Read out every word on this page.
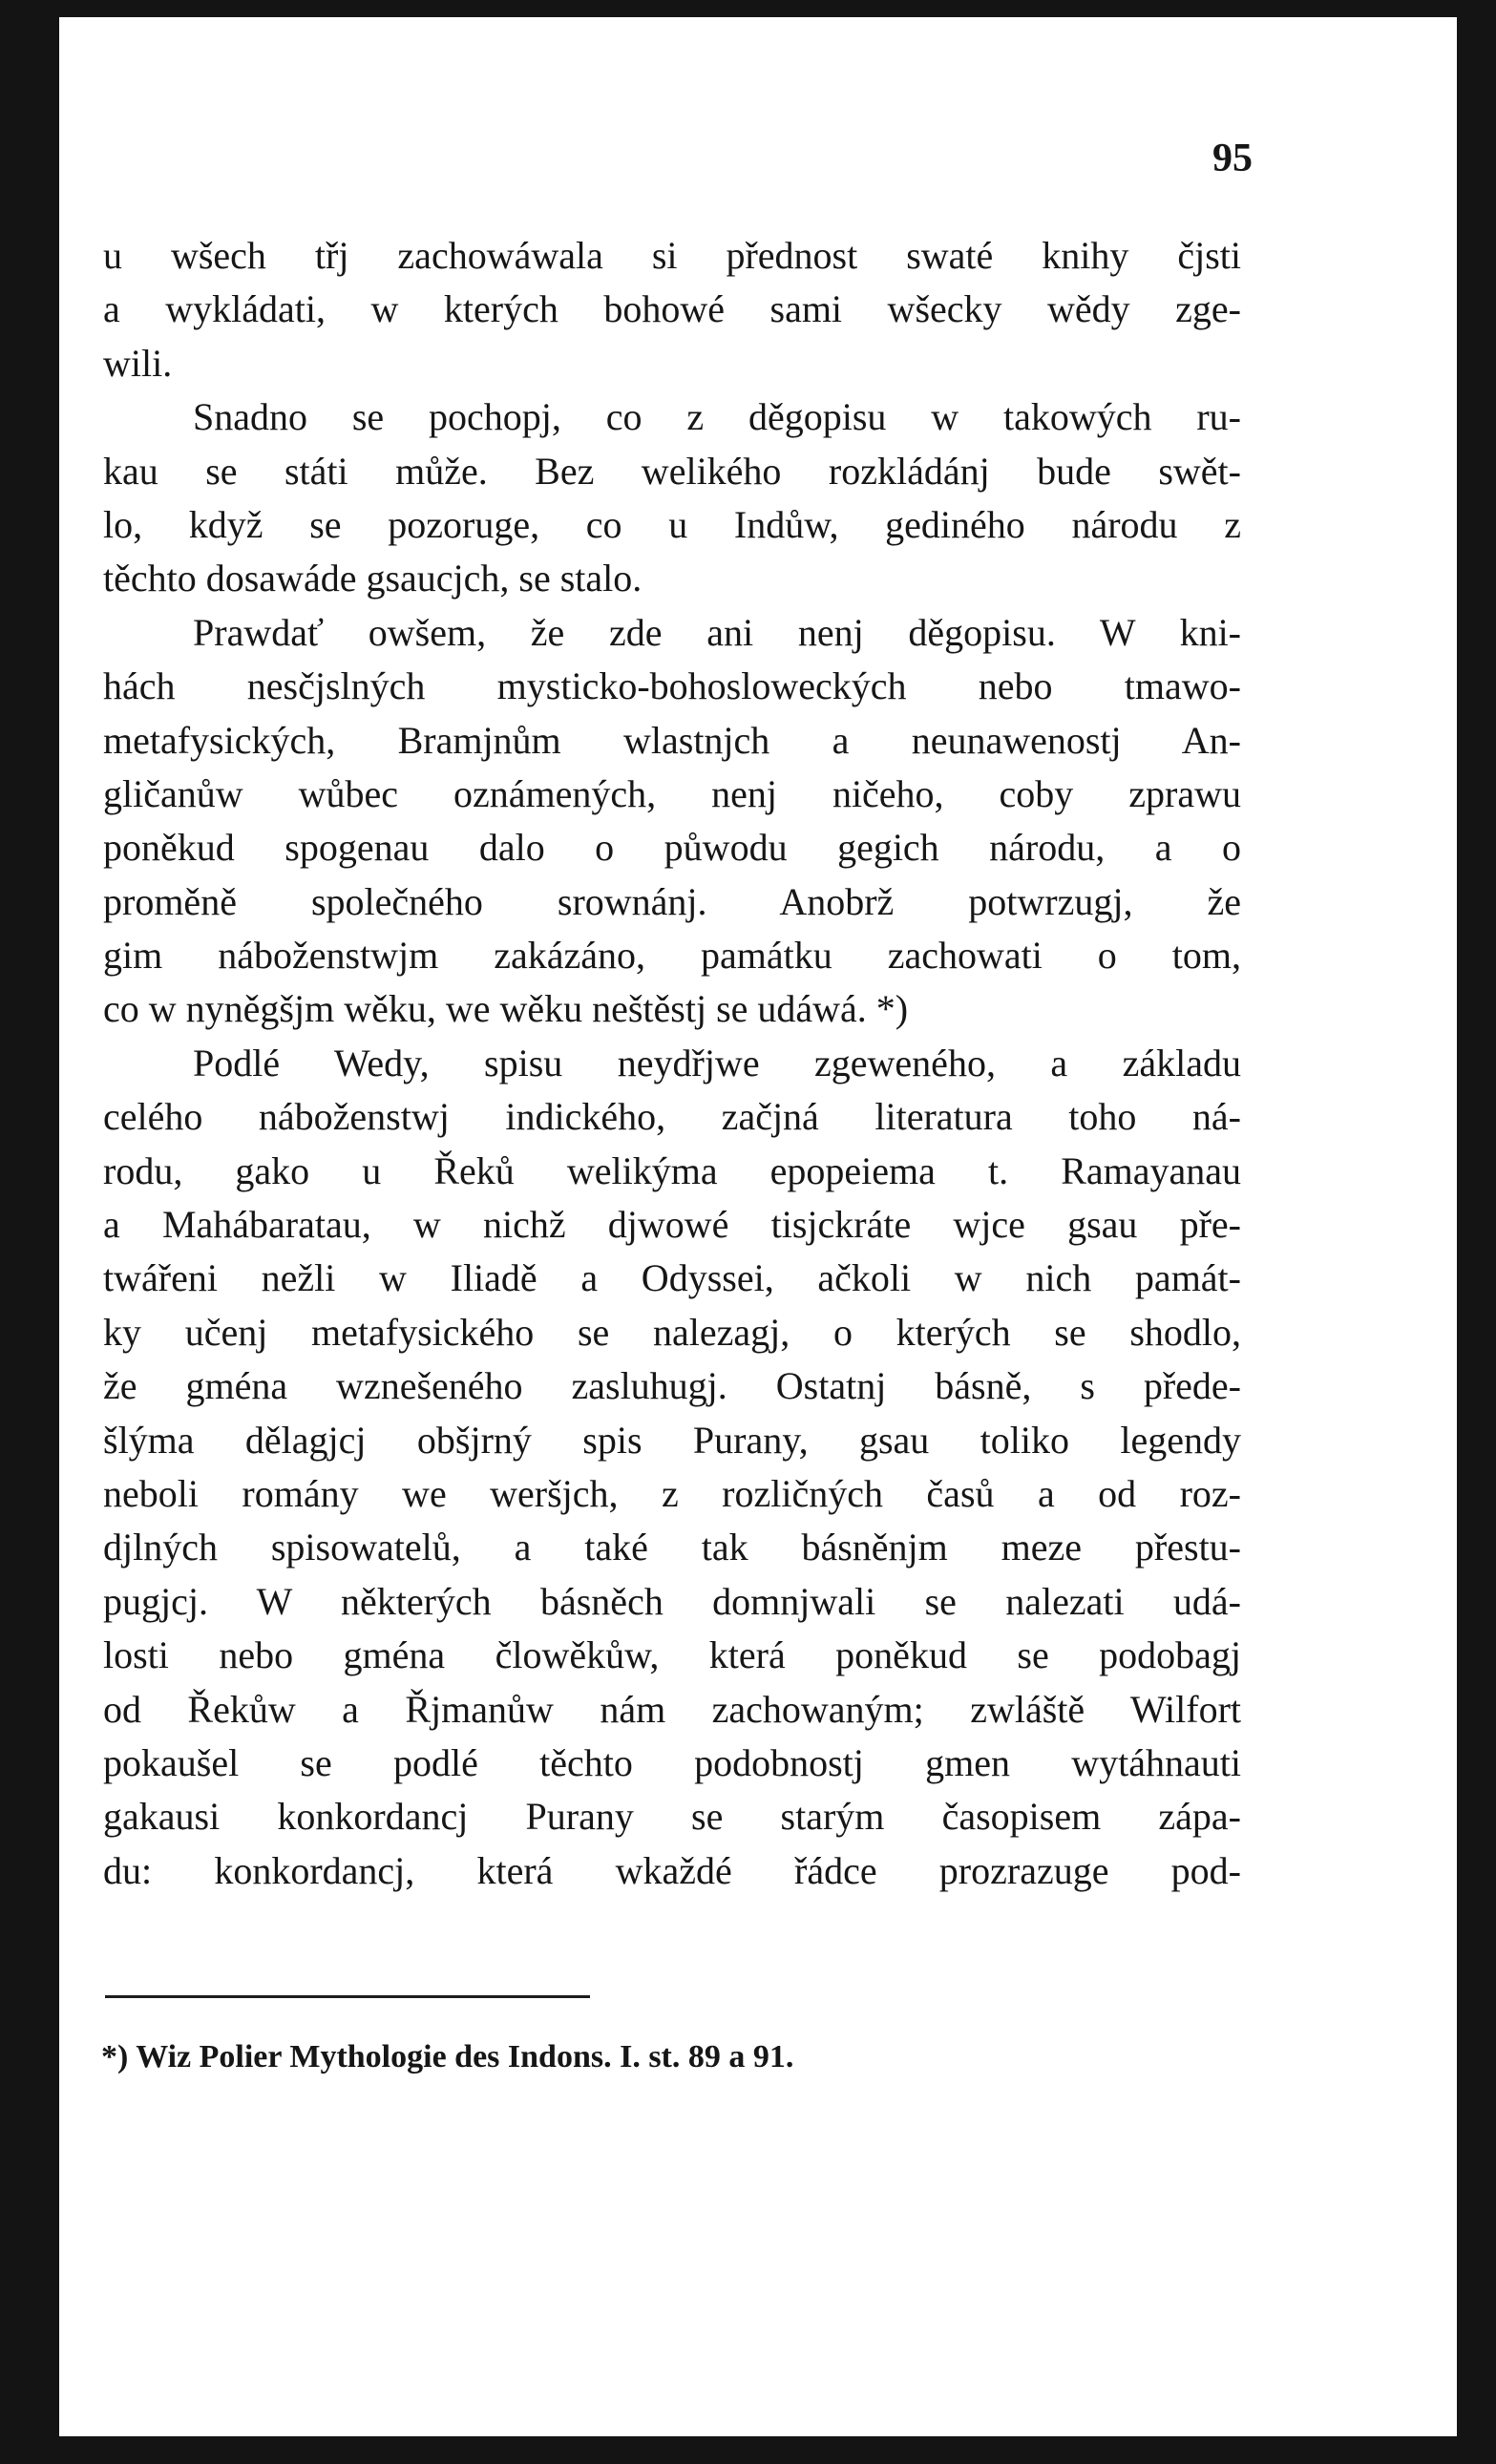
95
u wšech třj zachowáwala si přednost swaté knihy čjsti
a wykládati, w kterých bohowé sami wšecky wědy zge-
wili.
Snadno se pochopj, co z děgopisu w takowých ru-
kau se státi může. Bez welikého rozkládánj bude swět-
lo, když se pozoruge, co u Indůw, gediného národu z
těchto dosawáde gsaucjch, se stalo.
Prawdať owšem, že zde ani nenj děgopisu. W kni-
hách nesčjslných mysticko-bohosloweckých nebo tmawo-
metafysických, Bramjnům wlastnjch a neunawenostj An-
gličanůw wůbec oznámených, nenj ničeho, coby zprawu
poněkud spogenau dalo o půwodu gegich národu, a o
proměně společného srownánj. Anobrž potwrzugj, že
gim náboženstwjm zakázáno, památku zachowati o tom,
co w nyněgšjm wěku, we wěku neštěstj se udáwá. *)
Podlé Wedy, spisu neydřjwe zgeweného, a základu
celého náboženstwj indického, začjná literatura toho ná-
rodu, gako u Řeků welikýma epopeiema t. Ramayanau
a Mahábaratau, w nichž djwowé tisjckráte wjce gsau pře-
twářeni nežli w Iliadě a Odyssei, ačkoli w nich památ-
ky učenj metafysického se nalezagj, o kterých se shodlo,
že gména wznešeného zasluhugj. Ostatnj básně, s přede-
šlýma dělagjcj obšjrný spis Purany, gsau toliko legendy
neboli romány we weršjch, z rozličných časů a od roz-
djlných spisowatelů, a také tak básněnjm meze přestu-
pugjcj. W některých básněch domnjwali se nalezati udá-
losti nebo gména člowěkůw, která poněkud se podobagj
od Řekůw a Řjmanůw nám zachowaným; zwláště Wilfort
pokaušel se podlé těchto podobnostj gmen wytáhnauti
gakausi konkordancj Purany se starým časopisem zápa-
du: konkordancj, která wkaždé řádce prozrazuge pod-
*) Wiz Polier Mythologie des Indons. I. st. 89 a 91.
